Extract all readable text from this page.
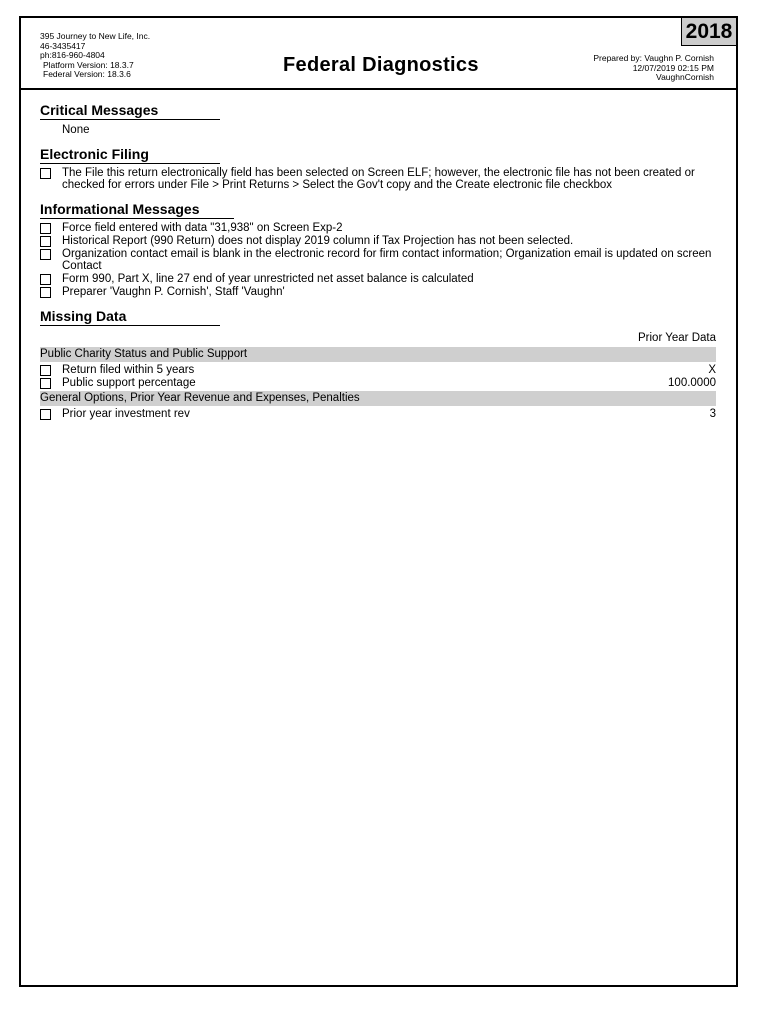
395 Journey to New Life, Inc.
46-3435417
ph:816-960-4804
Platform Version: 18.3.7
Federal Version: 18.3.6	Federal Diagnostics
2018
Prepared by: Vaughn P. Cornish
12/07/2019 02:15 PM
VaughnCornish
Critical Messages
None
Electronic Filing
The File this return electronically field has been selected on Screen ELF; however, the electronic file has not been created or checked for errors under File > Print Returns > Select the Gov't copy and the Create electronic file checkbox
Informational Messages
Force field entered with data "31,938" on Screen Exp-2
Historical Report (990 Return) does not display 2019 column if Tax Projection has not been selected.
Organization contact email is blank in the electronic record for firm contact information; Organization email is updated on screen Contact
Form 990, Part X, line 27 end of year unrestricted net asset balance is calculated
Preparer 'Vaughn P. Cornish', Staff 'Vaughn'
Missing Data
Prior Year Data
Public Charity Status and Public Support
Return filed within 5 years	X
Public support percentage	100.0000
General Options, Prior Year Revenue and Expenses, Penalties
Prior year investment rev	3
